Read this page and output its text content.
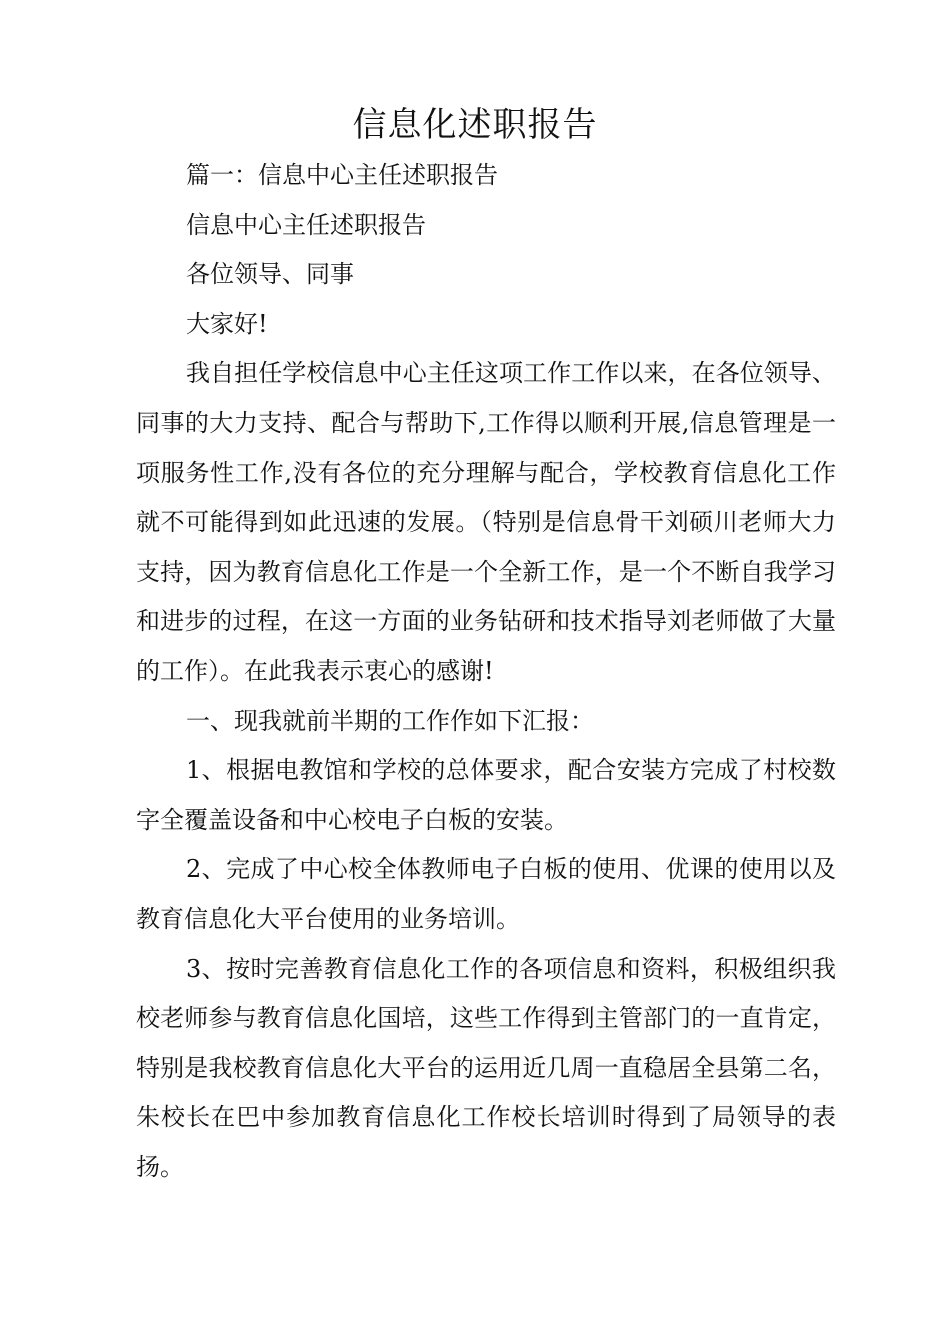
信息化述职报告

篇一：信息中心主任述职报告

信息中心主任述职报告

各位领导、同事

大家好!

我自担任学校信息中心主任这项工作工作以来，在各位领导、同事的大力支持、配合与帮助下,工作得以顺利开展,信息管理是一项服务性工作,没有各位的充分理解与配合，学校教育信息化工作就不可能得到如此迅速的发展。（特别是信息骨干刘硕川老师大力支持，因为教育信息化工作是一个全新工作，是一个不断自我学习和进步的过程，在这一方面的业务钻研和技术指导刘老师做了大量的工作）。在此我表示衷心的感谢!

一、现我就前半期的工作作如下汇报：

1、根据电教馆和学校的总体要求，配合安装方完成了村校数字全覆盖设备和中心校电子白板的安装。

2、完成了中心校全体教师电子白板的使用、优课的使用以及教育信息化大平台使用的业务培训。

3、按时完善教育信息化工作的各项信息和资料，积极组织我校老师参与教育信息化国培，这些工作得到主管部门的一直肯定，特别是我校教育信息化大平台的运用近几周一直稳居全县第二名，朱校长在巴中参加教育信息化工作校长培训时得到了局领导的表扬。
